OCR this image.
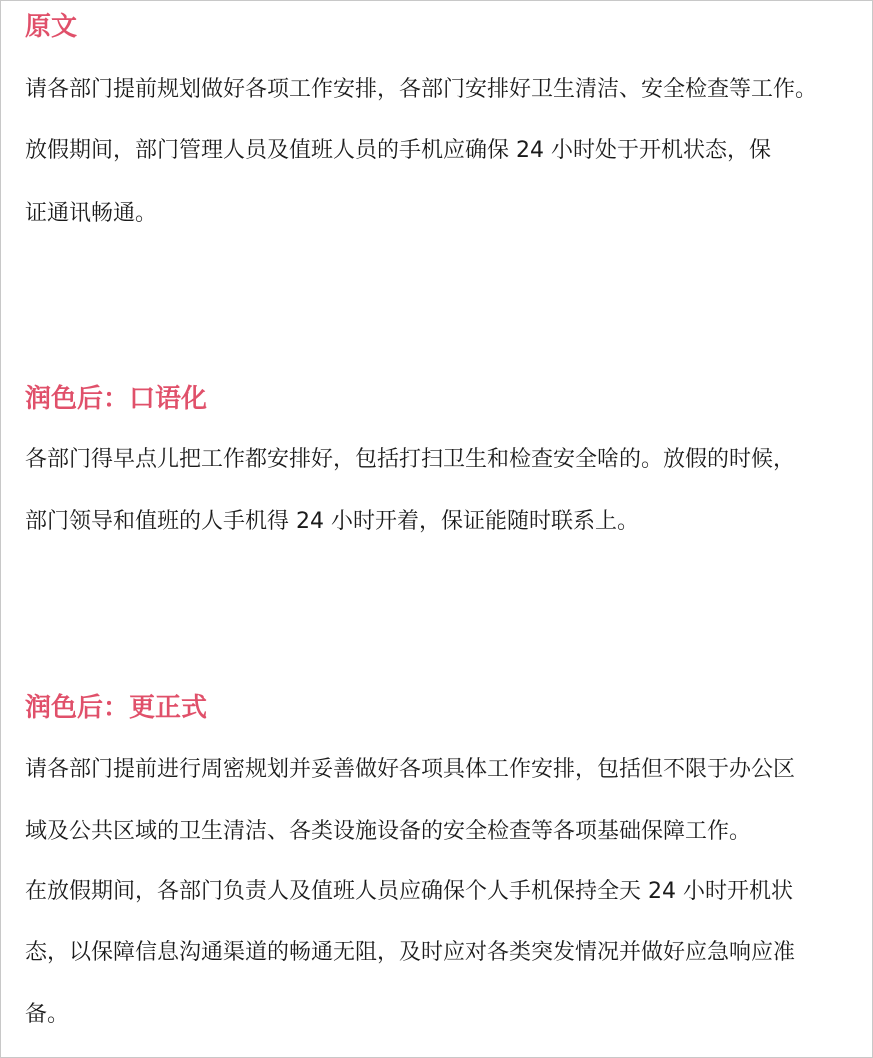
原文
请各部门提前规划做好各项工作安排，各部门安排好卫生清洁、安全检查等工作。
放假期间，部门管理人员及值班人员的手机应确保 24 小时处于开机状态，保
证通讯畅通。
润色后：口语化
各部门得早点儿把工作都安排好，包括打扫卫生和检查安全啥的。放假的时候，
部门领导和值班的人手机得 24 小时开着，保证能随时联系上。
润色后：更正式
请各部门提前进行周密规划并妥善做好各项具体工作安排，包括但不限于办公区
域及公共区域的卫生清洁、各类设施设备的安全检查等各项基础保障工作。
在放假期间，各部门负责人及值班人员应确保个人手机保持全天 24 小时开机状
态，以保障信息沟通渠道的畅通无阻，及时应对各类突发情况并做好应急响应准
备。
